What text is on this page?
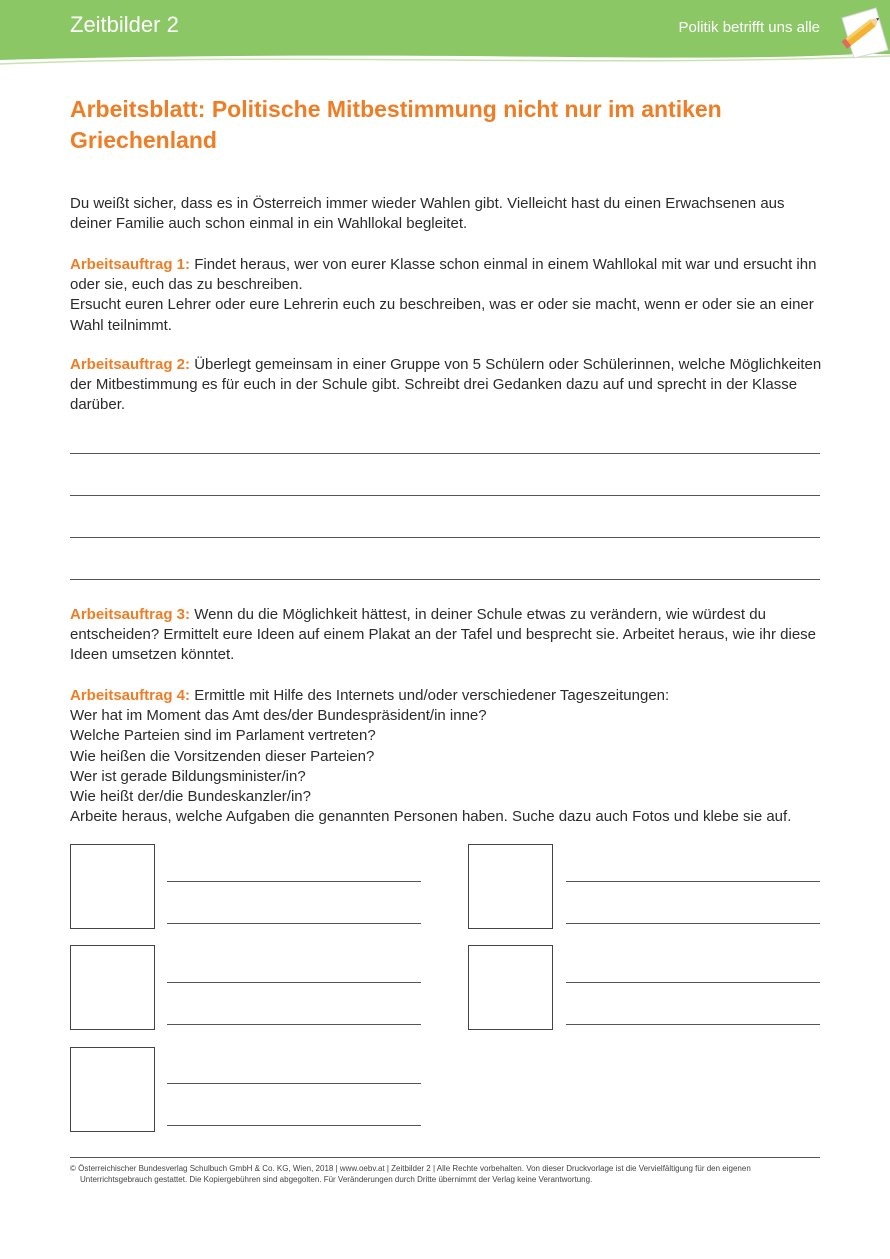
Zeitbilder 2	Politik betrifft uns alle
Arbeitsblatt: Politische Mitbestimmung nicht nur im antiken Griechenland

Du weißt sicher, dass es in Österreich immer wieder Wahlen gibt. Vielleicht hast du einen Erwachsenen aus deiner Familie auch schon einmal in ein Wahllokal begleitet.

Arbeitsauftrag 1: Findet heraus, wer von eurer Klasse schon einmal in einem Wahllokal mit war und ersucht ihn oder sie, euch das zu beschreiben.
Ersucht euren Lehrer oder eure Lehrerin euch zu beschreiben, was er oder sie macht, wenn er oder sie an einer Wahl teilnimmt.

Arbeitsauftrag 2: Überlegt gemeinsam in einer Gruppe von 5 Schülern oder Schülerinnen, welche Möglichkeiten der Mitbestimmung es für euch in der Schule gibt. Schreibt drei Gedanken dazu auf und sprecht in der Klasse darüber.

Arbeitsauftrag 3: Wenn du die Möglichkeit hättest, in deiner Schule etwas zu verändern, wie würdest du entscheiden? Ermittelt eure Ideen auf einem Plakat an der Tafel und besprecht sie. Arbeitet heraus, wie ihr diese Ideen umsetzen könntet.

Arbeitsauftrag 4: Ermittle mit Hilfe des Internets und/oder verschiedener Tageszeitungen:
Wer hat im Moment das Amt des/der Bundespräsident/in inne?
Welche Parteien sind im Parlament vertreten?
Wie heißen die Vorsitzenden dieser Parteien?
Wer ist gerade Bildungsminister/in?
Wie heißt der/die Bundeskanzler/in?
Arbeite heraus, welche Aufgaben die genannten Personen haben. Suche dazu auch Fotos und klebe sie auf.

© Österreichischer Bundesverlag Schulbuch GmbH & Co. KG, Wien, 2018 | www.oebv.at | Zeitbilder 2 | Alle Rechte vorbehalten. Von dieser Druckvorlage ist die Vervielfältigung für den eigenen
Unterrichtsgebrauch gestattet. Die Kopiergebühren sind abgegolten. Für Veränderungen durch Dritte übernimmt der Verlag keine Verantwortung.
